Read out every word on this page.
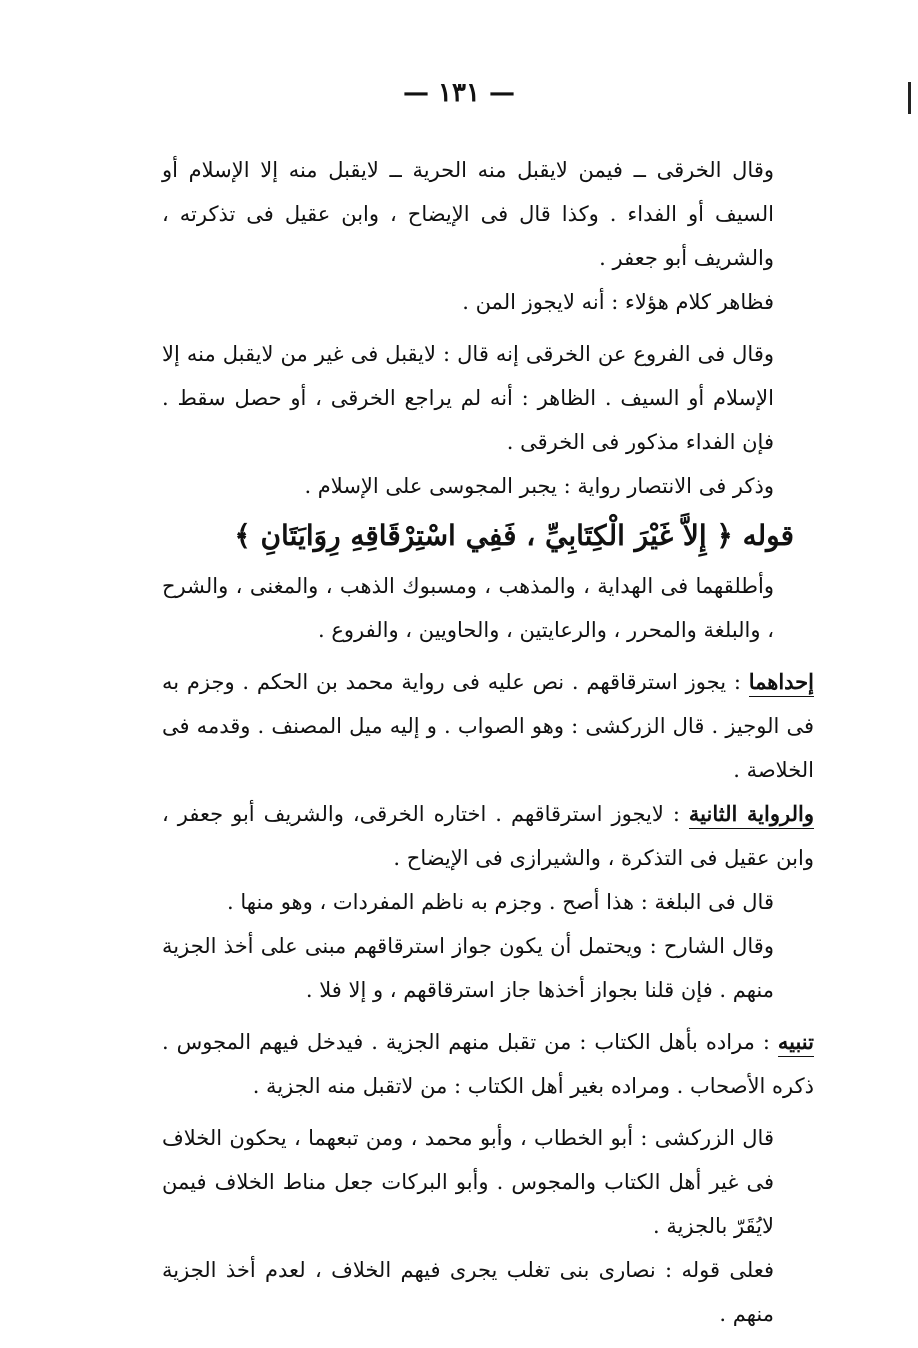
— ١٣١ —

وقال الخرقى ــ فيمن لايقبل منه الحرية ــ لايقبل منه إلا الإسلام أو السيف أو الفداء . وكذا قال فى الإيضاح ، وابن عقيل فى تذكرته ، والشريف أبو جعفر .

فظاهر كلام هؤلاء : أنه لايجوز المن .

وقال فى الفروع عن الخرقى إنه قال : لايقبل فى غير من لايقبل منه إلا الإسلام أو السيف . الظاهر : أنه لم يراجع الخرقى ، أو حصل سقط . فإن الفداء مذكور فى الخرقى .

وذكر فى الانتصار رواية : يجبر المجوسى على الإسلام .

قوله ﴿ إِلاَّ غَيْرَ الْكِتَابِيِّ ، فَفِي اسْتِرْقَاقِهِ رِوَايَتَانِ ﴾

وأطلقهما فى الهداية ، والمذهب ، ومسبوك الذهب ، والمغنى ، والشرح ، والبلغة والمحرر ، والرعايتين ، والحاويين ، والفروع .

إحداهما : يجوز استرقاقهم . نص عليه فى رواية محمد بن الحكم . وجزم به فى الوجيز . قال الزركشى : وهو الصواب . و إليه ميل المصنف . وقدمه فى الخلاصة .

والرواية الثانية : لايجوز استرقاقهم . اختاره الخرقى، والشريف أبو جعفر ، وابن عقيل فى التذكرة ، والشيرازى فى الإيضاح .

قال فى البلغة : هذا أصح . وجزم به ناظم المفردات ، وهو منها .

وقال الشارح : ويحتمل أن يكون جواز استرقاقهم مبنى على أخذ الجزية منهم . فإن قلنا بجواز أخذها جاز استرقاقهم ، و إلا فلا .

تنبيه : مراده بأهل الكتاب : من تقبل منهم الجزية . فيدخل فيهم المجوس . ذكره الأصحاب . ومراده بغير أهل الكتاب : من لاتقبل منه الجزية .

قال الزركشى : أبو الخطاب ، وأبو محمد ، ومن تبعهما ، يحكون الخلاف فى غير أهل الكتاب والمجوس . وأبو البركات جعل مناط الخلاف فيمن لايُقَرّ بالجزية .

فعلى قوله : نصارى بنى تغلب يجرى فيهم الخلاف ، لعدم أخذ الجزية منهم .
